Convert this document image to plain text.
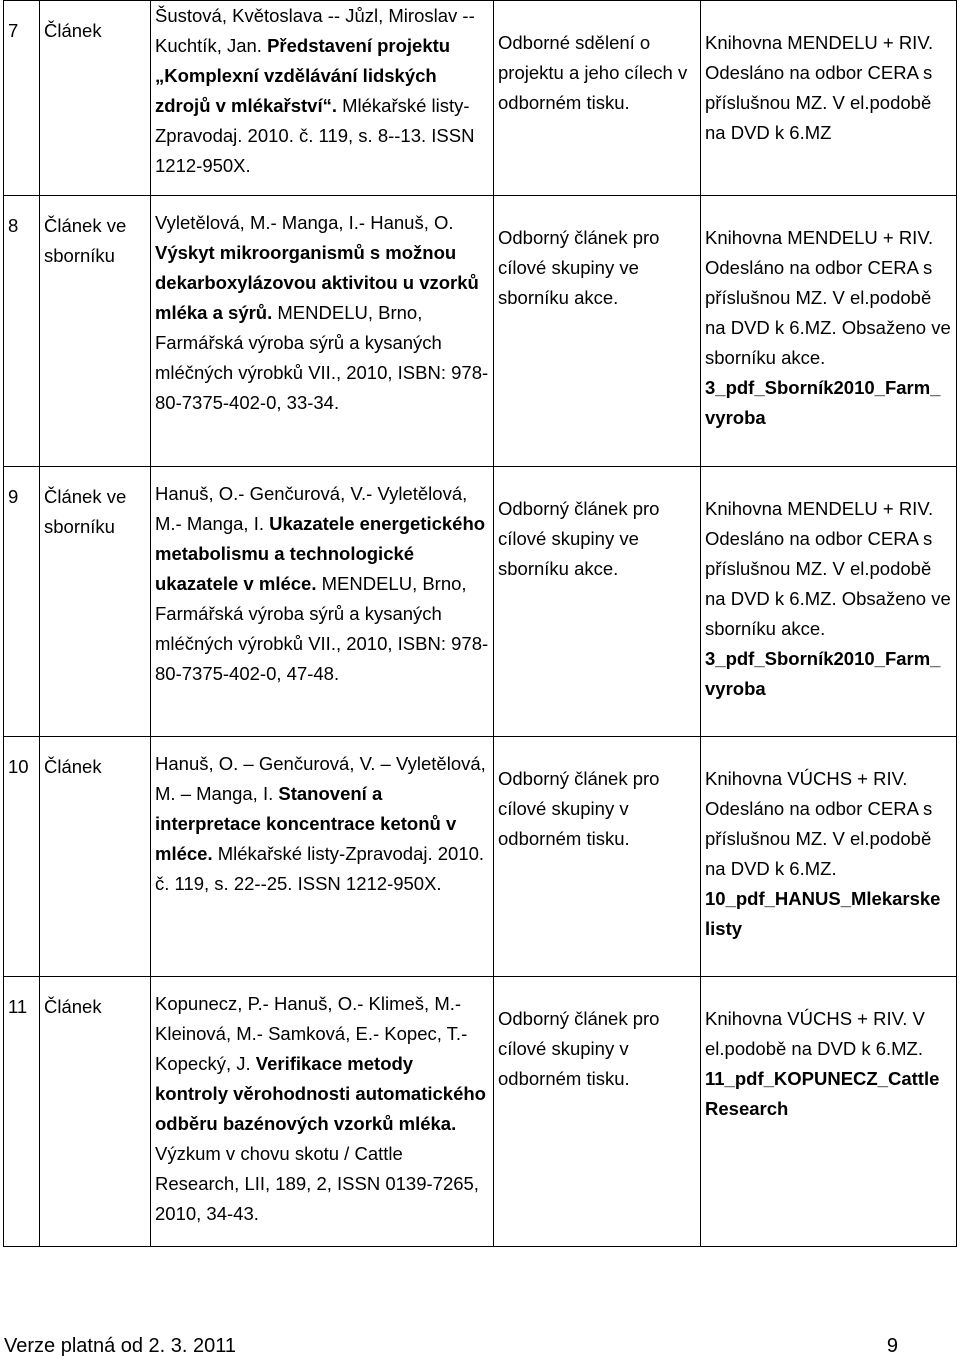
7	Článek	Šustová, Květoslava -- Jůzl, Miroslav -- Kuchtík, Jan. Představení projektu „Komplexní vzdělávání lidských zdrojů v mlékařství“. Mlékařské listy-Zpravodaj. 2010. č. 119, s. 8--13. ISSN 1212-950X.	Odborné sdělení o projektu a jeho cílech v odborném tisku.	Knihovna MENDELU + RIV. Odesláno na odbor CERA s příslušnou MZ. V el.podobě na DVD k 6.MZ
8	Článek ve sborníku	Vyletělová, M.- Manga, I.- Hanuš, O. Výskyt mikroorganismů s možnou dekarboxylázovou aktivitou u vzorků mléka a sýrů. MENDELU, Brno, Farmářská výroba sýrů a kysaných mléčných výrobků VII., 2010, ISBN: 978-80-7375-402-0, 33-34.	Odborný článek pro cílové skupiny ve sborníku akce.	Knihovna MENDELU + RIV. Odesláno na odbor CERA s příslušnou MZ. V el.podobě na DVD k 6.MZ. Obsaženo ve sborníku akce. 3_pdf_Sborník2010_Farm_ vyroba
9	Článek ve sborníku	Hanuš, O.- Genčurová, V.- Vyletělová, M.- Manga, I. Ukazatele energetického metabolismu a technologické ukazatele v mléce. MENDELU, Brno, Farmářská výroba sýrů a kysaných mléčných výrobků VII., 2010, ISBN: 978-80-7375-402-0, 47-48.	Odborný článek pro cílové skupiny ve sborníku akce.	Knihovna MENDELU + RIV. Odesláno na odbor CERA s příslušnou MZ. V el.podobě na DVD k 6.MZ. Obsaženo ve sborníku akce. 3_pdf_Sborník2010_Farm_ vyroba
10	Článek	Hanuš, O. – Genčurová, V. – Vyletělová, M. – Manga, I. Stanovení a interpretace koncentrace ketonů v mléce. Mlékařské listy-Zpravodaj. 2010. č. 119, s. 22--25. ISSN 1212-950X.	Odborný článek pro cílové skupiny v odborném tisku.	Knihovna VÚCHS + RIV. Odesláno na odbor CERA s příslušnou MZ. V el.podobě na DVD k 6.MZ. 10_pdf_HANUS_Mlekarske listy
11	Článek	Kopunecz, P.- Hanuš, O.- Klimeš, M.- Kleinová, M.- Samková, E.- Kopec, T.- Kopecký, J. Verifikace metody kontroly věrohodnosti automatického odběru bazénových vzorků mléka. Výzkum v chovu skotu / Cattle Research, LII, 189, 2, ISSN 0139-7265, 2010, 34-43.	Odborný článek pro cílové skupiny v odborném tisku.	Knihovna VÚCHS + RIV. V el.podobě na DVD k 6.MZ. 11_pdf_KOPUNECZ_Cattle Research
Verze platná od 2. 3. 2011	9
